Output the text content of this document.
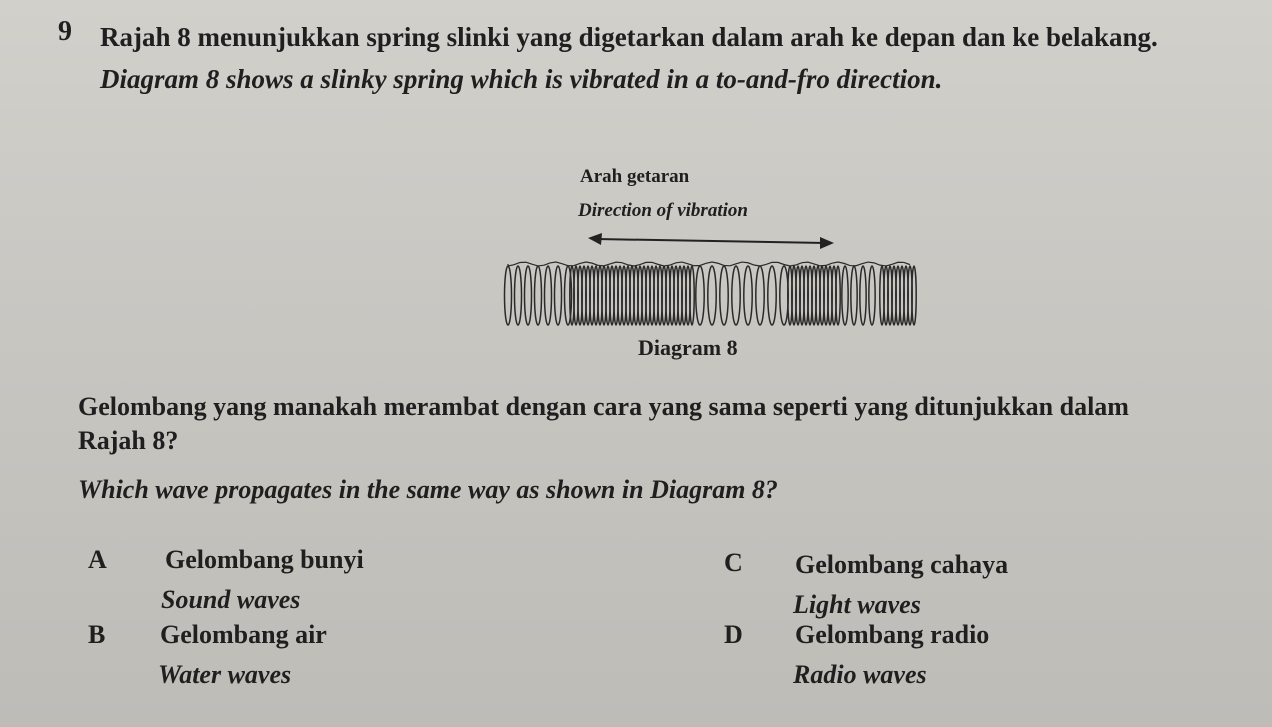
9 Rajah 8 menunjukkan spring slinki yang digetarkan dalam arah ke depan dan ke belakang.
Diagram 8 shows a slinky spring which is vibrated in a to-and-fro direction.
Arah getaran
Direction of vibration
Diagram 8
Gelombang yang manakah merambat dengan cara yang sama seperti yang ditunjukkan dalam
Rajah 8?
Which wave propagates in the same way as shown in Diagram 8?
A Gelombang bunyi
Sound waves
B Gelombang air
Water waves
C Gelombang cahaya
Light waves
D Gelombang radio
Radio waves
